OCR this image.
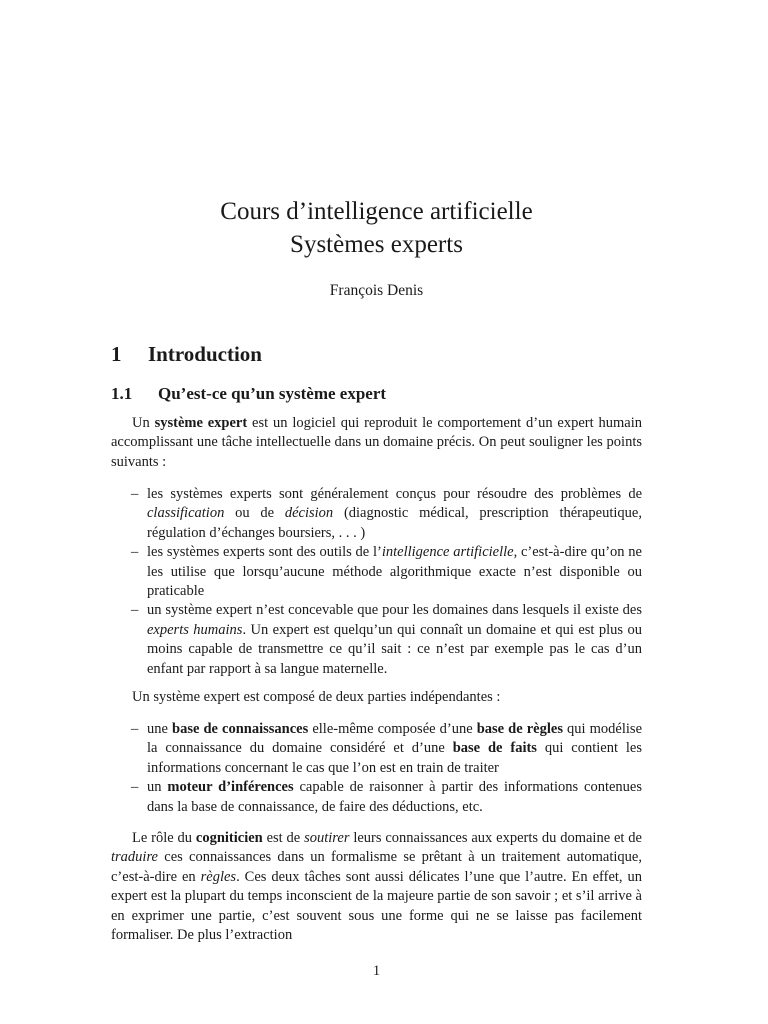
Cours d’intelligence artificielle
Systèmes experts
François Denis
1 Introduction
1.1 Qu’est-ce qu’un système expert
Un système expert est un logiciel qui reproduit le comportement d’un expert humain accomplissant une tâche intellectuelle dans un domaine précis. On peut souligner les points suivants :
– les systèmes experts sont généralement conçus pour résoudre des problèmes de classification ou de décision (diagnostic médical, prescription thérapeutique, régulation d’échanges boursiers, . . . )
– les systèmes experts sont des outils de l’intelligence artificielle, c’est-à-dire qu’on ne les utilise que lorsqu’aucune méthode algorithmique exacte n’est disponible ou praticable
– un système expert n’est concevable que pour les domaines dans lesquels il existe des experts humains. Un expert est quelqu’un qui connaît un domaine et qui est plus ou moins capable de transmettre ce qu’il sait : ce n’est par exemple pas le cas d’un enfant par rapport à sa langue maternelle.
Un système expert est composé de deux parties indépendantes :
– une base de connaissances elle-même composée d’une base de règles qui modélise la connaissance du domaine considéré et d’une base de faits qui contient les informations concernant le cas que l’on est en train de traiter
– un moteur d’inférences capable de raisonner à partir des informations contenues dans la base de connaissance, de faire des déductions, etc.
Le rôle du cogniticien est de soutirer leurs connaissances aux experts du domaine et de traduire ces connaissances dans un formalisme se prêtant à un traitement automatique, c’est-à-dire en règles. Ces deux tâches sont aussi délicates l’une que l’autre. En effet, un expert est la plupart du temps inconscient de la majeure partie de son savoir ; et s’il arrive à en exprimer une partie, c’est souvent sous une forme qui ne se laisse pas facilement formaliser. De plus l’extraction
1
